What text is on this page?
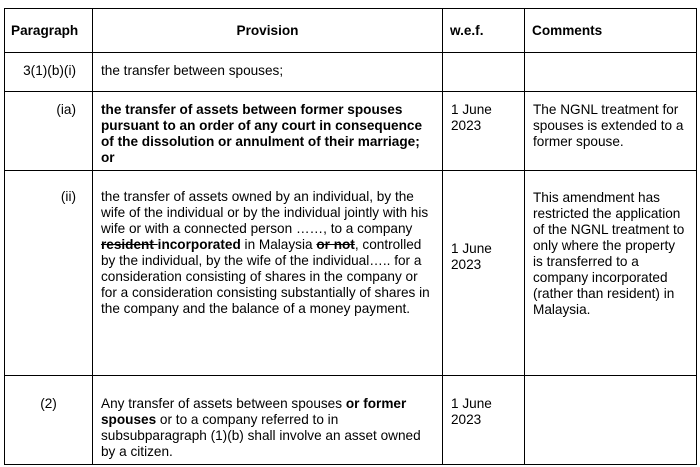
Paragraph	Provision	w.e.f.	Comments

3(1)(b)(i)	the transfer between spouses;		

(ia)	the transfer of assets between former spouses pursuant to an order of any court in consequence of the dissolution or annulment of their marriage; or	1 June 2023	The NGNL treatment for spouses is extended to a former spouse.

(ii)	the transfer of assets owned by an individual, by the wife of the individual or by the individual jointly with his wife or with a connected person ……, to a company resident incorporated in Malaysia or not, controlled by the individual, by the wife of the individual….. for a consideration consisting of shares in the company or for a consideration consisting substantially of shares in the company and the balance of a money payment.	1 June 2023	This amendment has restricted the application of the NGNL treatment to only where the property is transferred to a company incorporated (rather than resident) in Malaysia.

(2)	Any transfer of assets between spouses or former spouses or to a company referred to in subsubparagraph (1)(b) shall involve an asset owned by a citizen.	1 June 2023	
